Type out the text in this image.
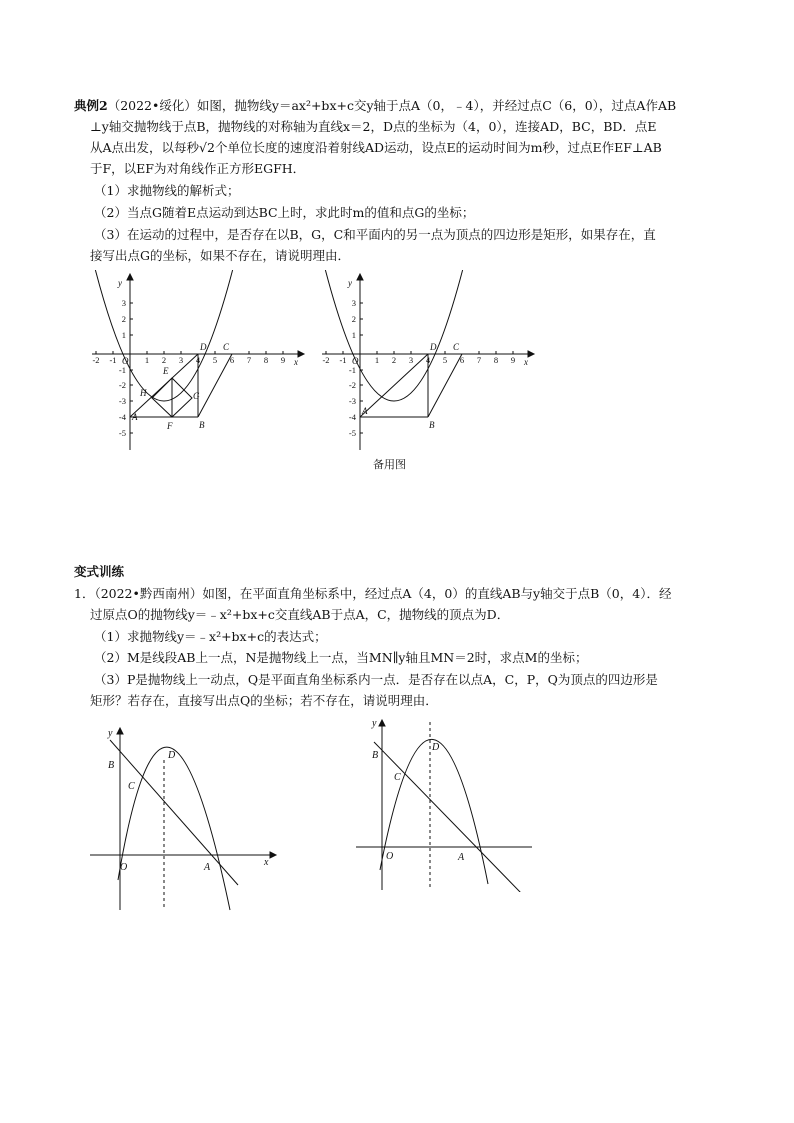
典例2（2022•绥化）如图，抛物线y＝ax²+bx+c交y轴于点A（0，﹣4），并经过点C（6，0），过点A作AB
⊥y轴交抛物线于点B，抛物线的对称轴为直线x＝2，D点的坐标为（4，0），连接AD，BC，BD．点E
从A点出发，以每秒√2个单位长度的速度沿着射线AD运动，设点E的运动时间为m秒，过点E作EF⊥AB
于F，以EF为对角线作正方形EGFH．
（1）求抛物线的解析式；
（2）当点G随着E点运动到达BC上时，求此时m的值和点G的坐标；
（3）在运动的过程中，是否存在以B，G，C和平面内的另一点为顶点的四边形是矩形，如果存在，直
接写出点G的坐标，如果不存在，请说明理由．
x
y
O
A
B
C
D
E
F
G
H
-2 -1	1 2 3 4 5 6 7 8 9
3
2
1
-1
-2
-3
-4
-5
x
y
O
A
B
C
D
-2 -1	1 2 3 4 5 6 7 8 9
3
2
1
-1
-2
-3
-4
-5
备用图
变式训练
1．（2022•黔西南州）如图，在平面直角坐标系中，经过点A（4，0）的直线AB与y轴交于点B（0，4）．经
过原点O的抛物线y＝﹣x²+bx+c交直线AB于点A，C，抛物线的顶点为D．
（1）求抛物线y＝﹣x²+bx+c的表达式；
（2）M是线段AB上一点，N是抛物线上一点，当MN∥y轴且MN＝2时，求点M的坐标；
（3）P是抛物线上一动点，Q是平面直角坐标系内一点．是否存在以点A，C，P，Q为顶点的四边形是
矩形？若存在，直接写出点Q的坐标；若不存在，请说明理由．
x
y
O	A
B
C
D
y
O	A
B
C
D
